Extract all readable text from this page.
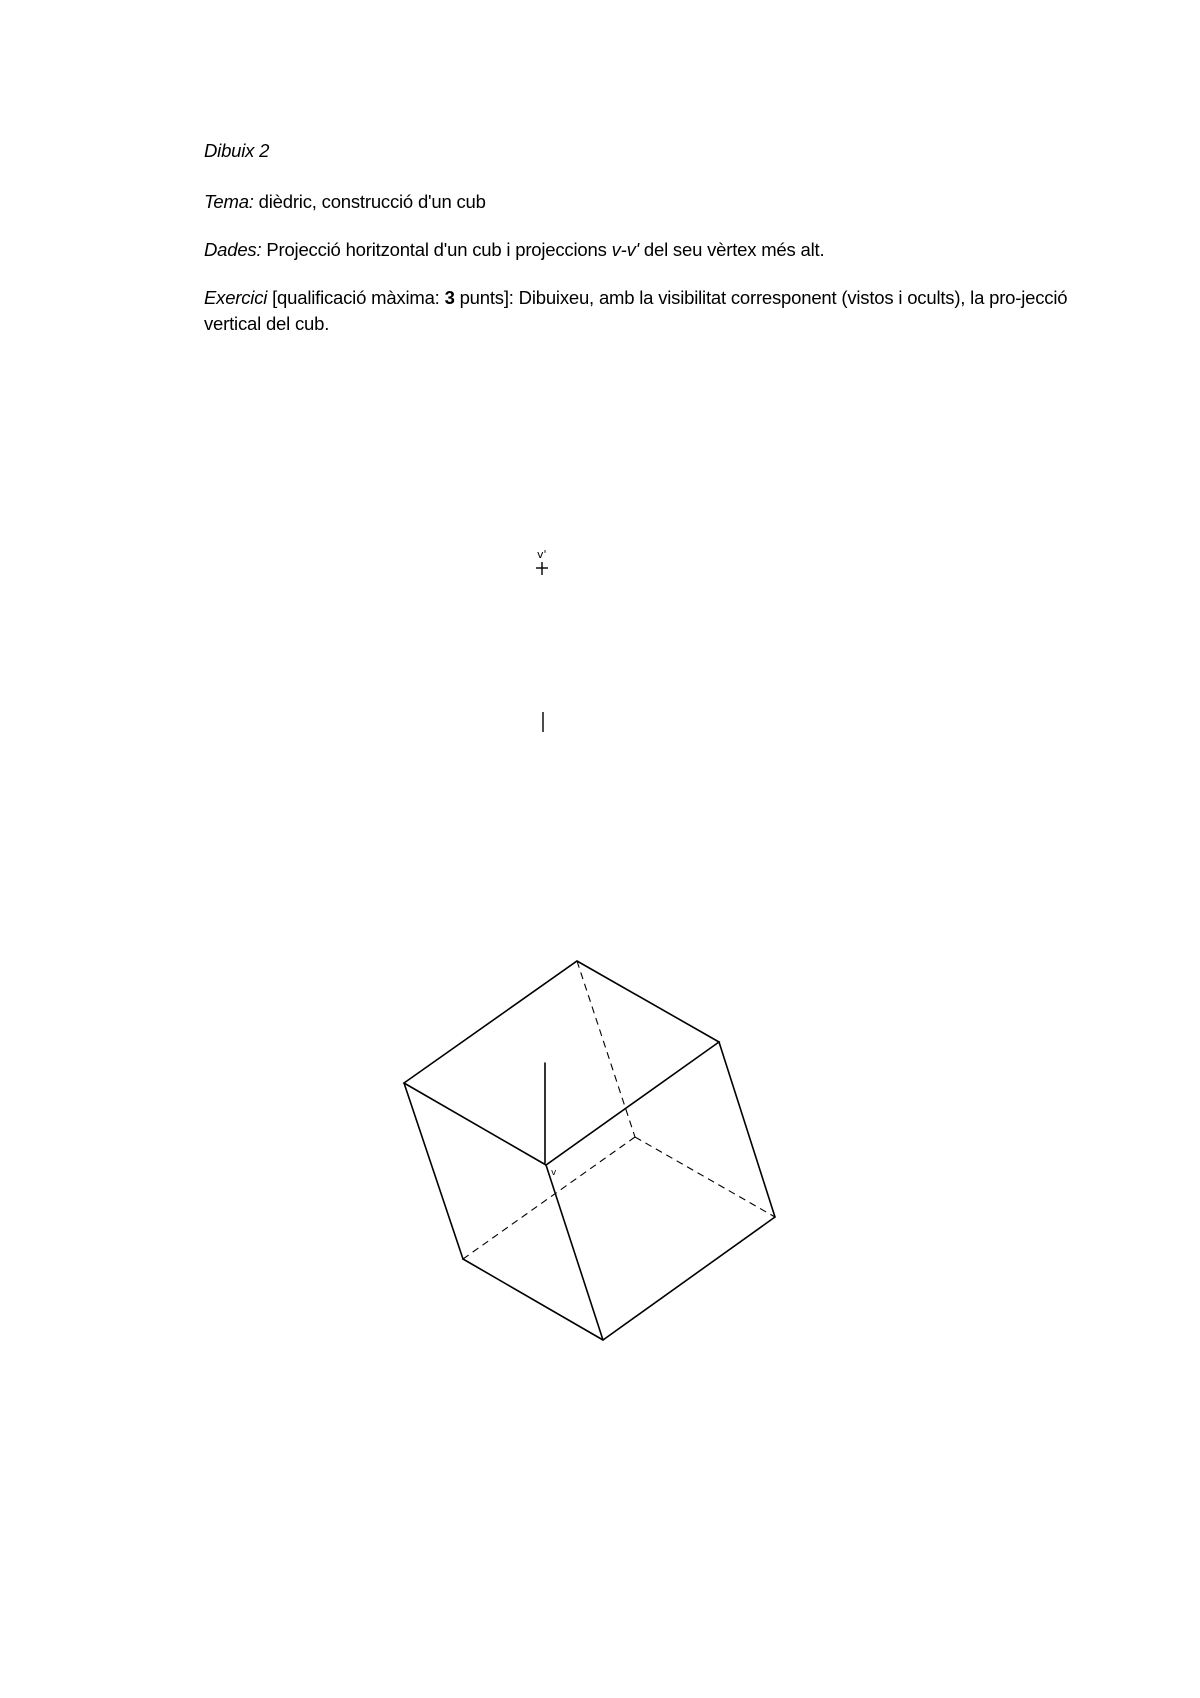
Dibuix 2

Tema: dièdric, construcció d'un cub

Dades: Projecció horitzontal d'un cub i projeccions v-v' del seu vèrtex més alt.

Exercici [qualificació màxima: 3 punts]: Dibuixeu, amb la visibilitat corresponent (vistos i ocults), la pro-jecció vertical del cub.

v'
v
